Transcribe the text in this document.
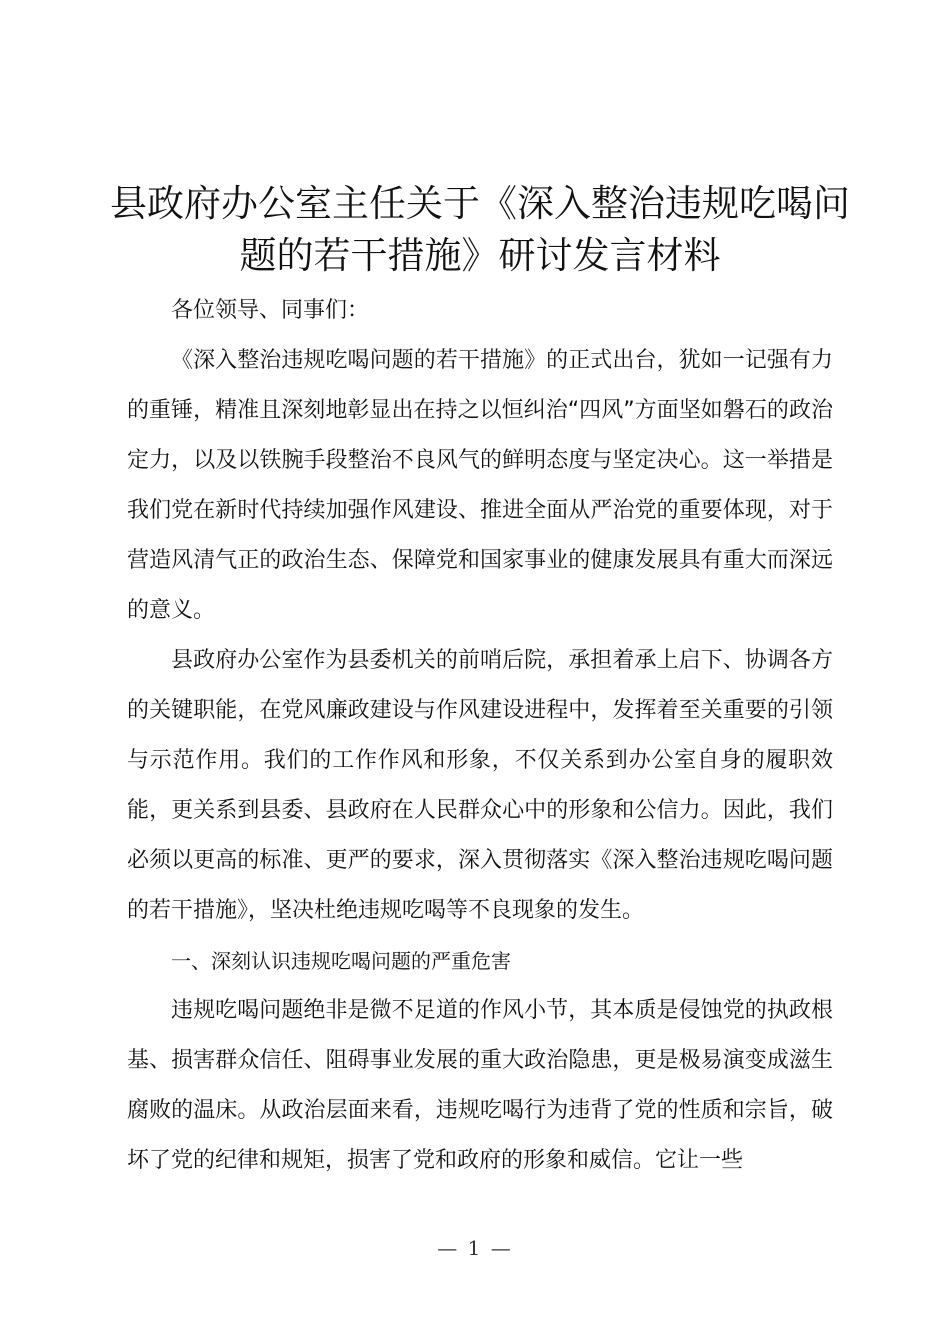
县政府办公室主任关于《深入整治违规吃喝问
题的若干措施》研讨发言材料

各位领导、同事们：

《深入整治违规吃喝问题的若干措施》的正式出台，犹如一记强有力的重锤，精准且深刻地彰显出在持之以恒纠治“四风”方面坚如磐石的政治定力，以及以铁腕手段整治不良风气的鲜明态度与坚定决心。这一举措是我们党在新时代持续加强作风建设、推进全面从严治党的重要体现，对于营造风清气正的政治生态、保障党和国家事业的健康发展具有重大而深远的意义。

县政府办公室作为县委机关的前哨后院，承担着承上启下、协调各方的关键职能，在党风廉政建设与作风建设进程中，发挥着至关重要的引领与示范作用。我们的工作作风和形象，不仅关系到办公室自身的履职效能，更关系到县委、县政府在人民群众心中的形象和公信力。因此，我们必须以更高的标准、更严的要求，深入贯彻落实《深入整治违规吃喝问题的若干措施》，坚决杜绝违规吃喝等不良现象的发生。

一、深刻认识违规吃喝问题的严重危害

违规吃喝问题绝非是微不足道的作风小节，其本质是侵蚀党的执政根基、损害群众信任、阻碍事业发展的重大政治隐患，更是极易演变成滋生腐败的温床。从政治层面来看，违规吃喝行为违背了党的性质和宗旨，破坏了党的纪律和规矩，损害了党和政府的形象和威信。它让一些

— 1 —
